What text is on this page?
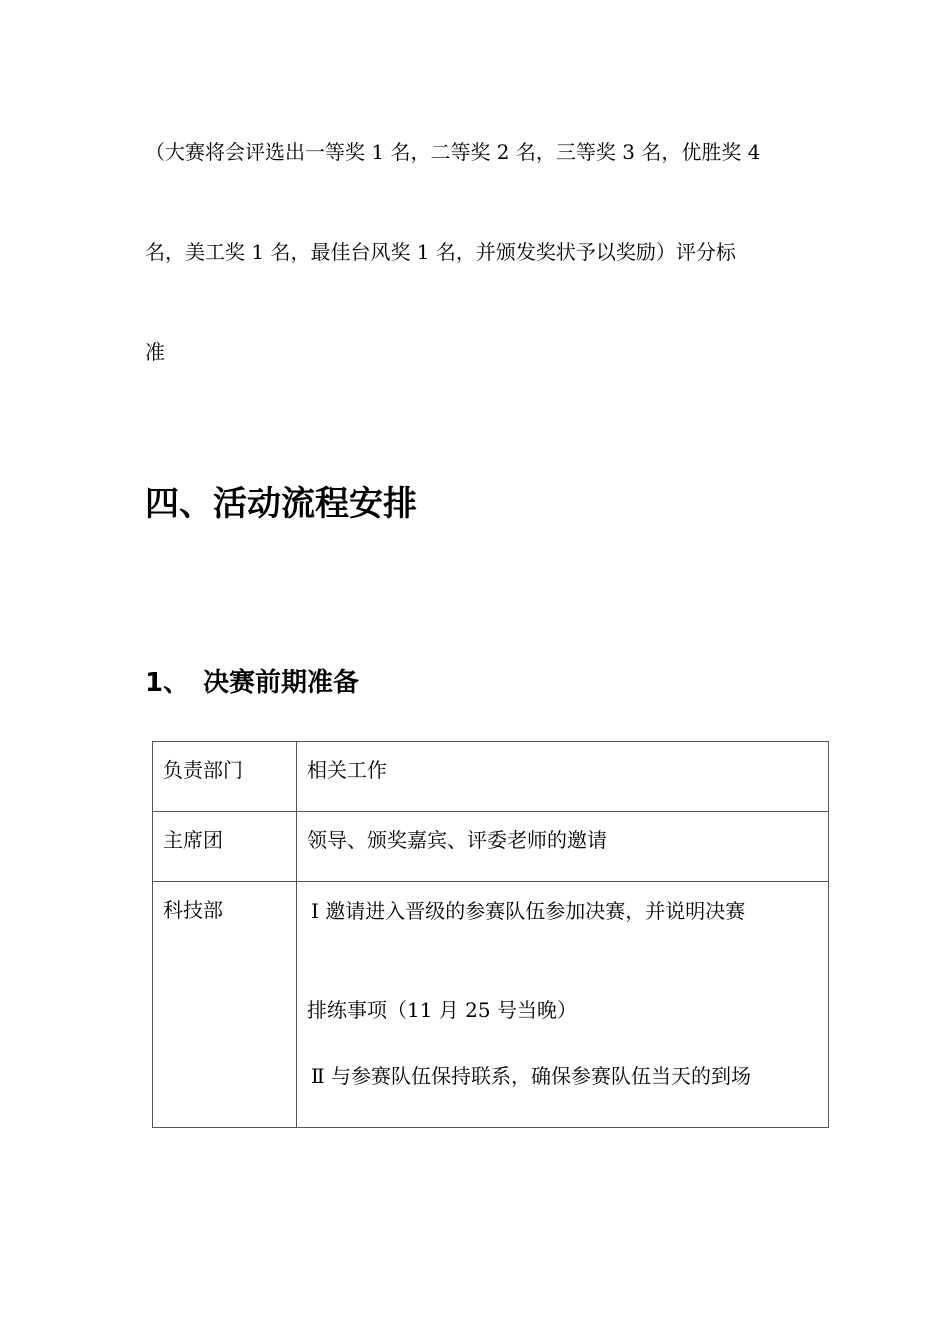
（大赛将会评选出一等奖 1 名，二等奖 2 名，三等奖 3 名，优胜奖 4
名，美工奖 1 名，最佳台风奖 1 名，并颁发奖状予以奖励）评分标
准
四、活动流程安排
1、 决赛前期准备
负责部门	相关工作

主席团	领导、颁奖嘉宾、评委老师的邀请

科技部	Ⅰ 邀请进入晋级的参赛队伍参加决赛，并说明决赛
排练事项（11 月 25 号当晚）
Ⅱ 与参赛队伍保持联系，确保参赛队伍当天的到场
